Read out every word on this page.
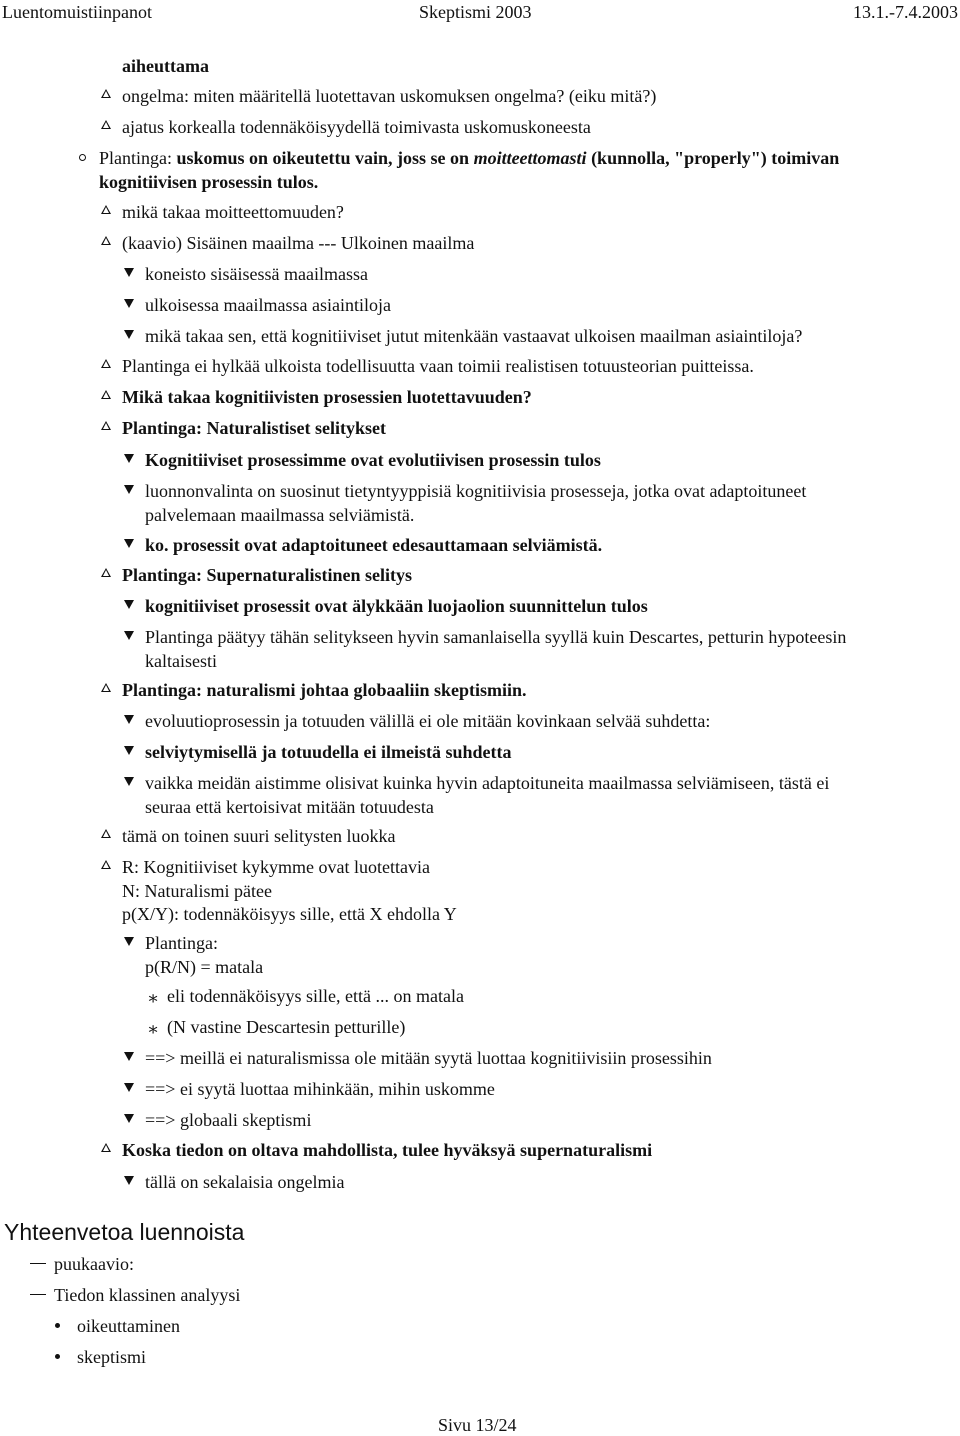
Luentomuistiinpanot	Skeptismi 2003	13.1.-7.4.2003
aiheuttama
ongelma: miten määritellä luotettavan uskomuksen ongelma? (eiku mitä?)
ajatus korkealla todennäköisyydellä toimivasta uskomuskoneesta
Plantinga: uskomus on oikeutettu vain, joss se on moitteettomasti (kunnolla, "properly") toimivan
kognitiivisen prosessin tulos.
mikä takaa moitteettomuuden?
(kaavio) Sisäinen maailma --- Ulkoinen maailma
koneisto sisäisessä maailmassa
ulkoisessa maailmassa asiaintiloja
mikä takaa sen, että kognitiiviset jutut mitenkään vastaavat ulkoisen maailman asiaintiloja?
Plantinga ei hylkää ulkoista todellisuutta vaan toimii realistisen totuusteorian puitteissa.
Mikä takaa kognitiivisten prosessien luotettavuuden?
Plantinga: Naturalistiset selitykset
Kognitiiviset prosessimme ovat evolutiivisen prosessin tulos
luonnonvalinta on suosinut tietyntyyppisiä kognitiivisia prosesseja, jotka ovat adaptoituneet
palvelemaan maailmassa selviämistä.
ko. prosessit ovat adaptoituneet edesauttamaan selviämistä.
Plantinga: Supernaturalistinen selitys
kognitiiviset prosessit ovat älykkään luojaolion suunnittelun tulos
Plantinga päätyy tähän selitykseen hyvin samanlaisella syyllä kuin Descartes, petturin hypoteesin
kaltaisesti
Plantinga: naturalismi johtaa globaaliin skeptismiin.
evoluutioprosessin ja totuuden välillä ei ole mitään kovinkaan selvää suhdetta:
selviytymisellä ja totuudella ei ilmeistä suhdetta
vaikka meidän aistimme olisivat kuinka hyvin adaptoituneita maailmassa selviämiseen, tästä ei
seuraa että kertoisivat mitään totuudesta
tämä on toinen suuri selitysten luokka
R: Kognitiiviset kykymme ovat luotettavia
N: Naturalismi pätee
p(X/Y): todennäköisyys sille, että X ehdolla Y
Plantinga:
p(R/N) = matala
∗ eli todennäköisyys sille, että ... on matala
∗ (N vastine Descartesin petturille)
==> meillä ei naturalismissa ole mitään syytä luottaa kognitiivisiin prosessihin
==> ei syytä luottaa mihinkään, mihin uskomme
==> globaali skeptismi
Koska tiedon on oltava mahdollista, tulee hyväksyä supernaturalismi
tällä on sekalaisia ongelmia
Yhteenvetoa luennoista
puukaavio:
Tiedon klassinen analyysi
oikeuttaminen
skeptismi
Sivu 13/24
